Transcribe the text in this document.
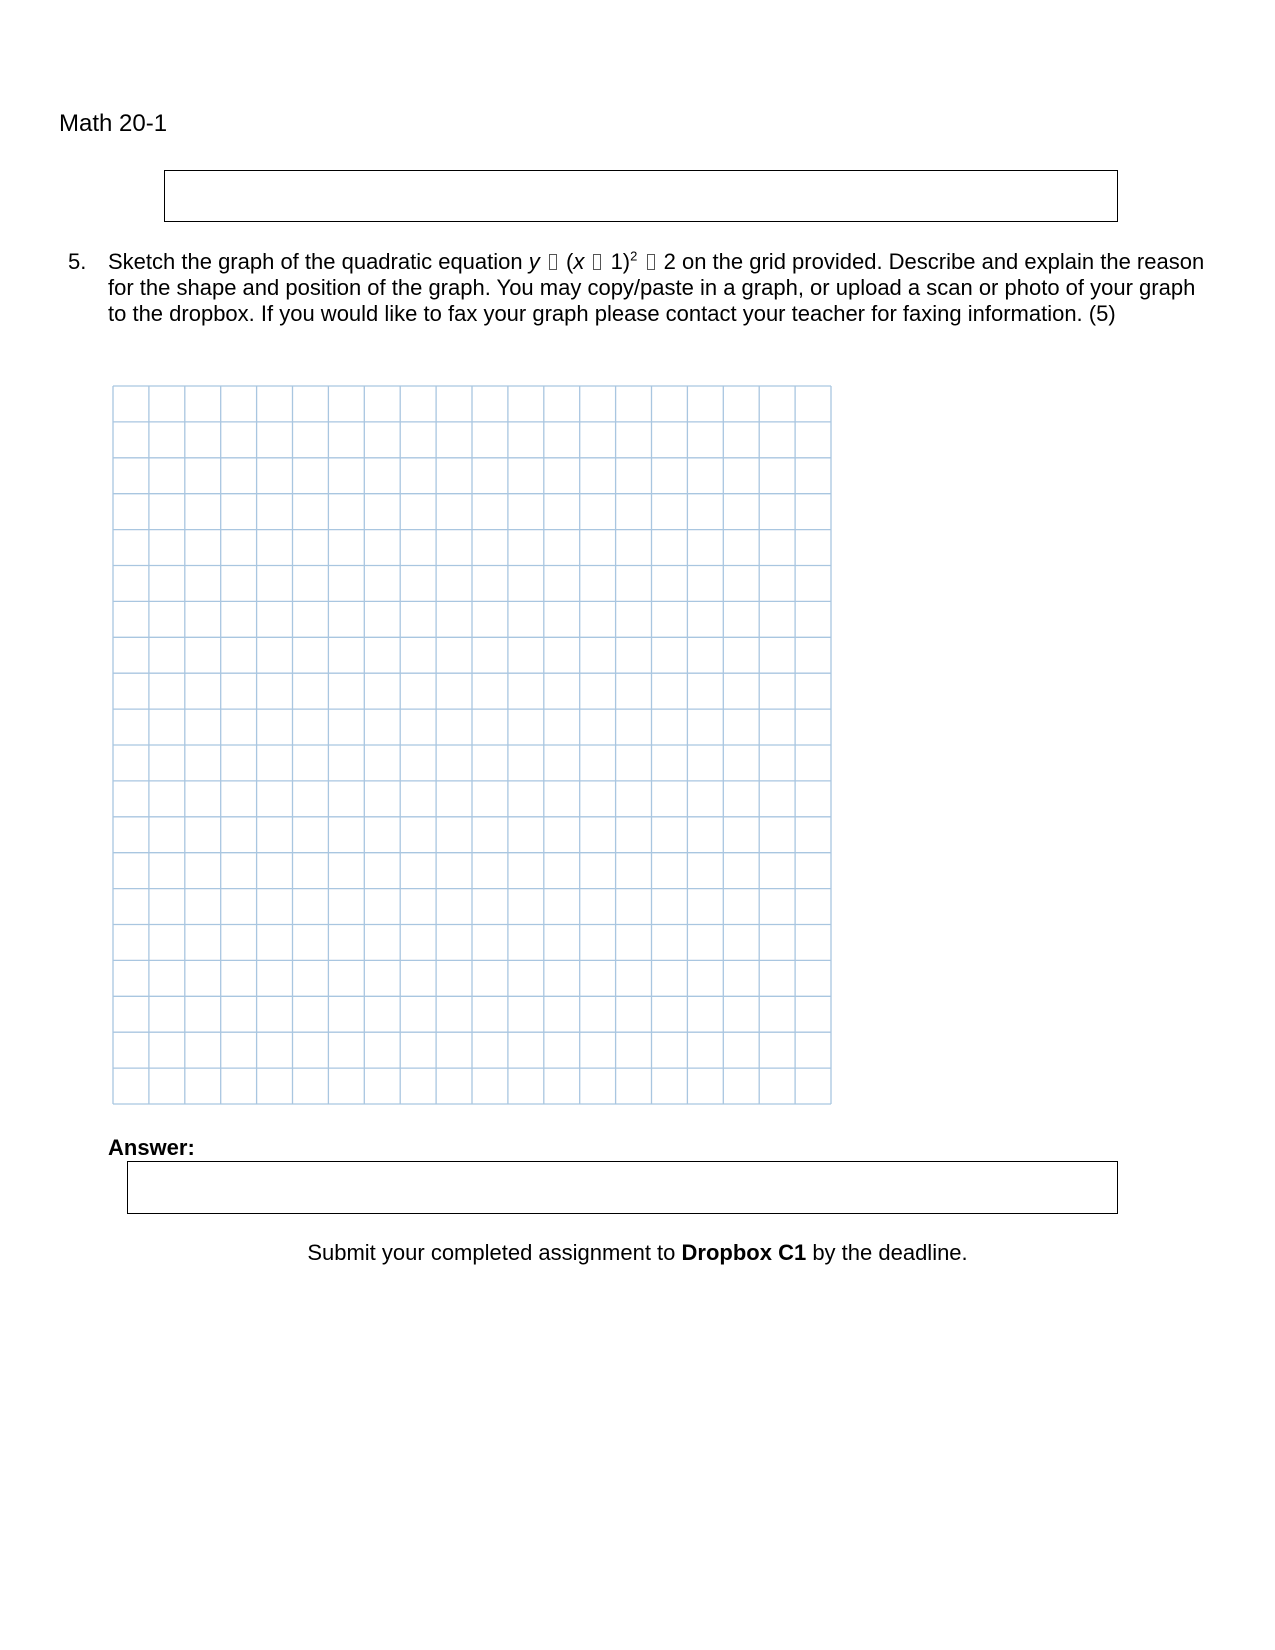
Math 20-1
5. Sketch the graph of the quadratic equation y  (x  1)$^2$  2 on the grid provided. Describe and explain the reason for the shape and position of the graph. You may copy/paste in a graph, or upload a scan or photo of your graph to the dropbox. If you would like to fax your graph please contact your teacher for faxing information. (5)
Answer:
Submit your completed assignment to Dropbox C1 by the deadline.
